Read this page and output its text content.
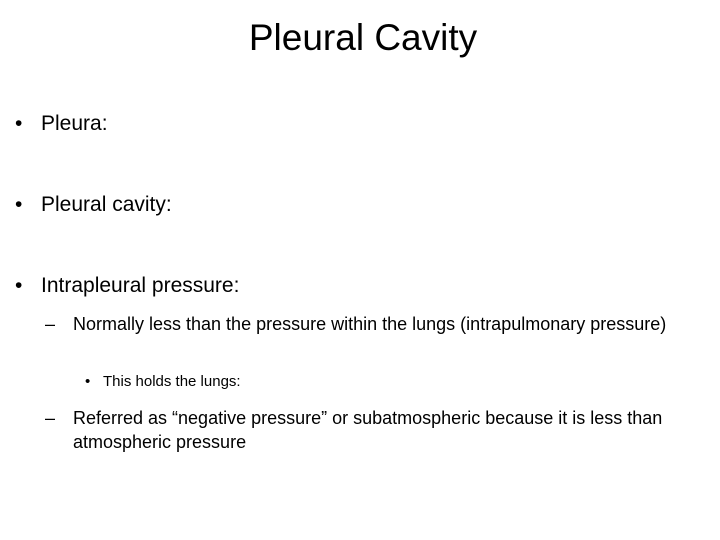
Pleural Cavity
• Pleura:
• Pleural cavity:
• Intrapleural pressure:
– Normally less than the pressure within the lungs (intrapulmonary pressure)
• This holds the lungs:
– Referred as “negative pressure” or subatmospheric because it is less than atmospheric pressure
